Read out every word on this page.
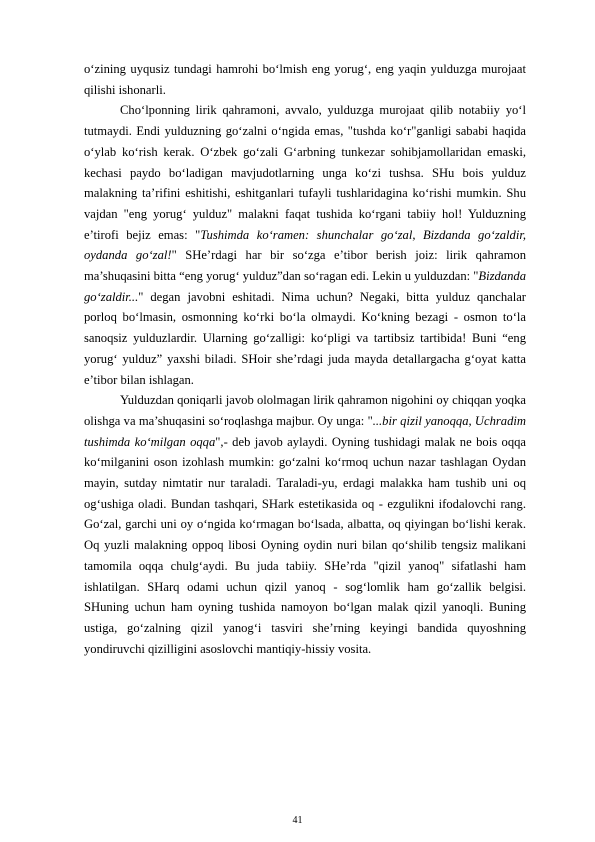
o‘zining uyqusiz tundagi hamrohi bo‘lmish eng yorug‘, eng yaqin yulduzga murojaat qilishi ishonarli.

Cho‘lponning lirik qahramoni, avvalo, yulduzga murojaat qilib notabiiy yo‘l tutmaydi. Endi yulduzning go‘zalni o‘ngida emas, "tushda ko‘r"ganligi sababi haqida o‘ylab ko‘rish kerak. O‘zbek go‘zali G‘arbning tunkezar sohibjamollaridan emaski, kechasi paydo bo‘ladigan mavjudotlarning unga ko‘zi tushsa. SHu bois yulduz malakning ta’rifini eshitishi, eshitganlari tufayli tushlaridagina ko‘rishi mumkin. Shu vajdan "eng yorug‘ yulduz" malakni faqat tushida ko‘rgani tabiiy hol! Yulduzning e’tirofi bejiz emas: "Tushimda ko‘ramen: shunchalar go‘zal, Bizdanda go‘zaldir, oydanda go‘zal!" SHe’rdagi har bir so‘zga e’tibor berish joiz: lirik qahramon ma’shuqasini bitta “eng yorug‘ yulduz”dan so‘ragan edi. Lekin u yulduzdan: "Bizdanda go‘zaldir..." degan javobni eshitadi. Nima uchun? Negaki, bitta yulduz qanchalar porloq bo‘lmasin, osmonning ko‘rki bo‘la olmaydi. Ko‘kning bezagi - osmon to‘la sanoqsiz yulduzlardir. Ularning go‘zalligi: ko‘pligi va tartibsiz tartibida! Buni “eng yorug‘ yulduz” yaxshi biladi. SHoir she’rdagi juda mayda detallargacha g‘oyat katta e’tibor bilan ishlagan.

Yulduzdan qoniqarli javob ololmagan lirik qahramon nigohini oy chiqqan yoqka olishga va ma’shuqasini so‘roqlashga majbur. Oy unga: "...bir qizil yanoqqa, Uchradim tushimda ko‘milgan oqqa",- deb javob aylaydi. Oyning tushidagi malak ne bois oqqa ko‘milganini oson izohlash mumkin: go‘zalni ko‘rmoq uchun nazar tashlagan Oydan mayin, sutday nimtatir nur taraladi. Taraladi-yu, erdagi malakka ham tushib uni oq og‘ushiga oladi. Bundan tashqari, SHark estetikasida oq - ezgulikni ifodalovchi rang. Go‘zal, garchi uni oy o‘ngida ko‘rmagan bo‘lsada, albatta, oq qiyingan bo‘lishi kerak. Oq yuzli malakning oppoq libosi Oyning oydin nuri bilan qo‘shilib tengsiz malikani tamomila oqqa chulg‘aydi. Bu juda tabiiy. SHe’rda "qizil yanoq" sifatlashi ham ishlatilgan. SHarq odami uchun qizil yanoq - sog‘lomlik ham go‘zallik belgisi. SHuning uchun ham oyning tushida namoyon bo‘lgan malak qizil yanoqli. Buning ustiga, go‘zalning qizil yanog‘i tasviri she’rning keyingi bandida quyoshning yondiruvchi qizilligini asoslovchi mantiqiy-hissiy vosita.

41
